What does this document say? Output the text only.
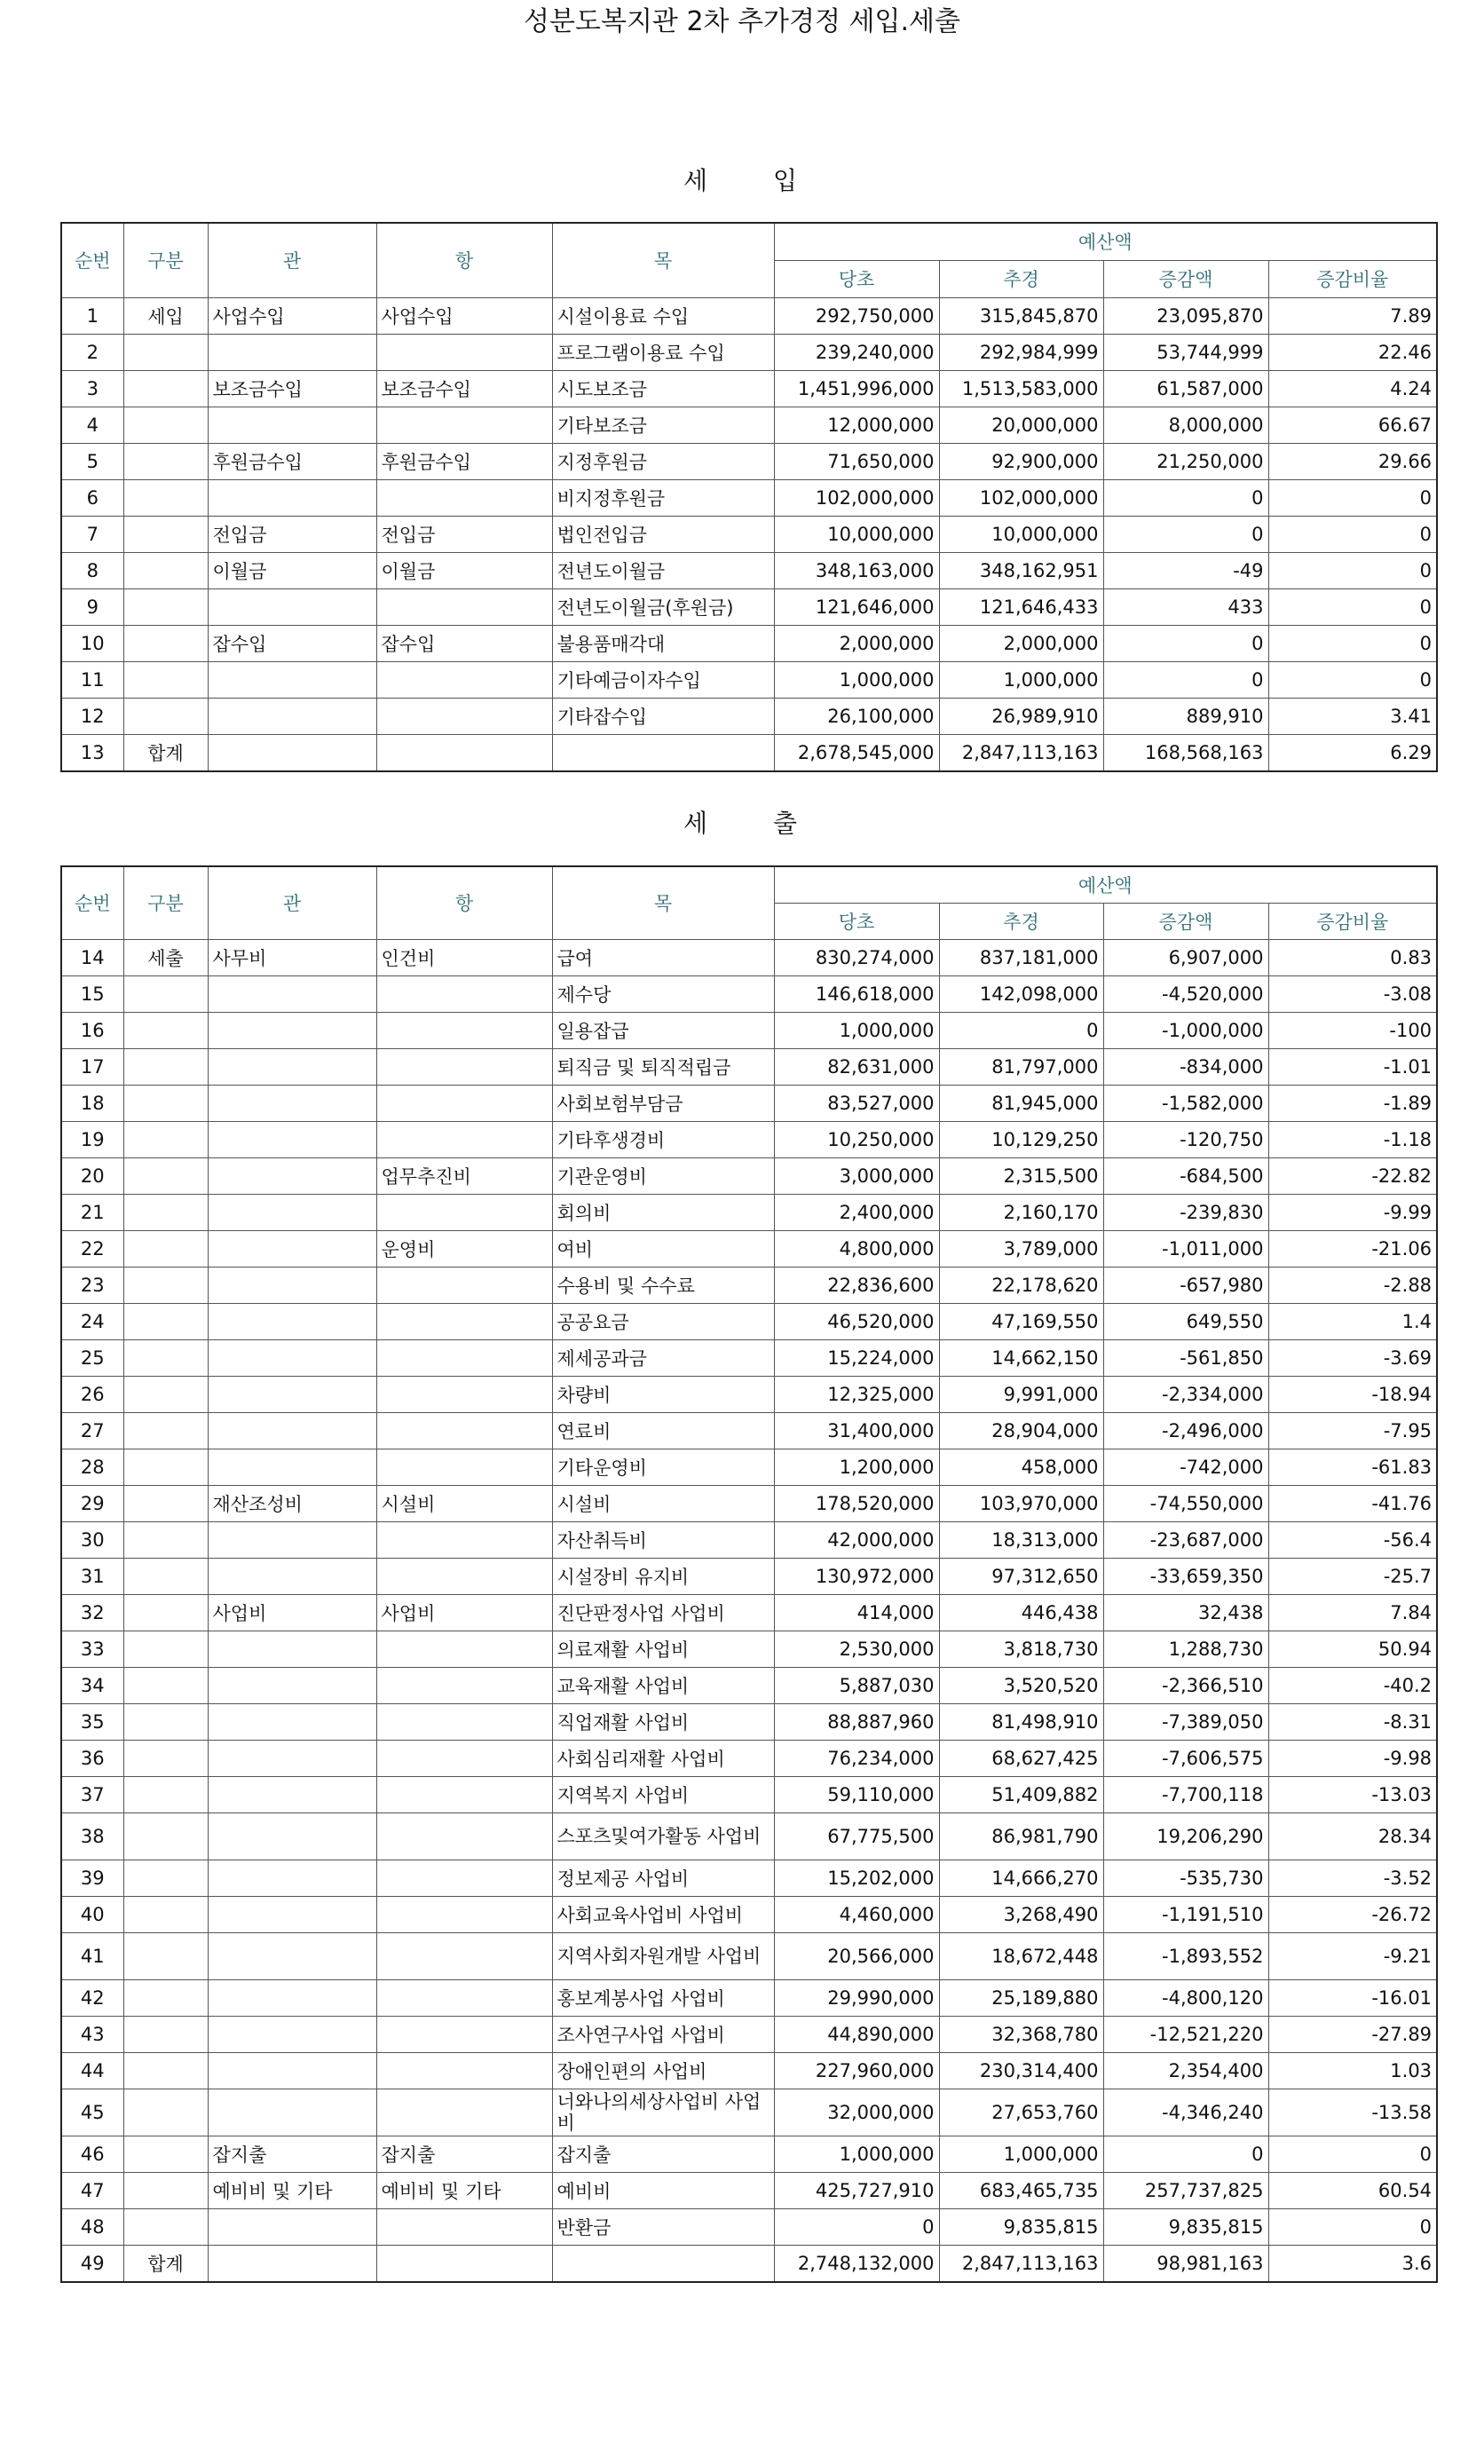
성분도복지관 2차 추가경정 세입.세출
세	입
순번	구분	관	항	목	예산액			
					당초	추경	증감액	증감비율
1	세입	사업수입	사업수입	시설이용료 수입	292,750,000	315,845,870	23,095,870	7.89
2				프로그램이용료 수입	239,240,000	292,984,999	53,744,999	22.46
3		보조금수입	보조금수입	시도보조금	1,451,996,000	1,513,583,000	61,587,000	4.24
4				기타보조금	12,000,000	20,000,000	8,000,000	66.67
5		후원금수입	후원금수입	지정후원금	71,650,000	92,900,000	21,250,000	29.66
6				비지정후원금	102,000,000	102,000,000	0	0
7		전입금	전입금	법인전입금	10,000,000	10,000,000	0	0
8		이월금	이월금	전년도이월금	348,163,000	348,162,951	-49	0
9				전년도이월금(후원금)	121,646,000	121,646,433	433	0
10		잡수입	잡수입	불용품매각대	2,000,000	2,000,000	0	0
11				기타예금이자수입	1,000,000	1,000,000	0	0
12				기타잡수입	26,100,000	26,989,910	889,910	3.41
13	합계				2,678,545,000	2,847,113,163	168,568,163	6.29
세	출
순번	구분	관	항	목	예산액			
					당초	추경	증감액	증감비율
14	세출	사무비	인건비	급여	830,274,000	837,181,000	6,907,000	0.83
15				제수당	146,618,000	142,098,000	-4,520,000	-3.08
16				일용잡급	1,000,000	0	-1,000,000	-100
17				퇴직금 및 퇴직적립금	82,631,000	81,797,000	-834,000	-1.01
18				사회보험부담금	83,527,000	81,945,000	-1,582,000	-1.89
19				기타후생경비	10,250,000	10,129,250	-120,750	-1.18
20			업무추진비	기관운영비	3,000,000	2,315,500	-684,500	-22.82
21				회의비	2,400,000	2,160,170	-239,830	-9.99
22			운영비	여비	4,800,000	3,789,000	-1,011,000	-21.06
23				수용비 및 수수료	22,836,600	22,178,620	-657,980	-2.88
24				공공요금	46,520,000	47,169,550	649,550	1.4
25				제세공과금	15,224,000	14,662,150	-561,850	-3.69
26				차량비	12,325,000	9,991,000	-2,334,000	-18.94
27				연료비	31,400,000	28,904,000	-2,496,000	-7.95
28				기타운영비	1,200,000	458,000	-742,000	-61.83
29		재산조성비	시설비	시설비	178,520,000	103,970,000	-74,550,000	-41.76
30				자산취득비	42,000,000	18,313,000	-23,687,000	-56.4
31				시설장비 유지비	130,972,000	97,312,650	-33,659,350	-25.7
32		사업비	사업비	진단판정사업 사업비	414,000	446,438	32,438	7.84
33				의료재활 사업비	2,530,000	3,818,730	1,288,730	50.94
34				교육재활 사업비	5,887,030	3,520,520	-2,366,510	-40.2
35				직업재활 사업비	88,887,960	81,498,910	-7,389,050	-8.31
36				사회심리재활 사업비	76,234,000	68,627,425	-7,606,575	-9.98
37				지역복지 사업비	59,110,000	51,409,882	-7,700,118	-13.03
38				스포츠및여가활동 사업비	67,775,500	86,981,790	19,206,290	28.34
39				정보제공 사업비	15,202,000	14,666,270	-535,730	-3.52
40				사회교육사업비 사업비	4,460,000	3,268,490	-1,191,510	-26.72
41				지역사회자원개발 사업비	20,566,000	18,672,448	-1,893,552	-9.21
42				홍보계봉사업 사업비	29,990,000	25,189,880	-4,800,120	-16.01
43				조사연구사업 사업비	44,890,000	32,368,780	-12,521,220	-27.89
44				장애인편의 사업비	227,960,000	230,314,400	2,354,400	1.03
45				너와나의세상사업비 사업비	32,000,000	27,653,760	-4,346,240	-13.58
46		잡지출	잡지출	잡지출	1,000,000	1,000,000	0	0
47		예비비 및 기타	예비비 및 기타	예비비	425,727,910	683,465,735	257,737,825	60.54
48				반환금	0	9,835,815	9,835,815	0
49	합계				2,748,132,000	2,847,113,163	98,981,163	3.6
